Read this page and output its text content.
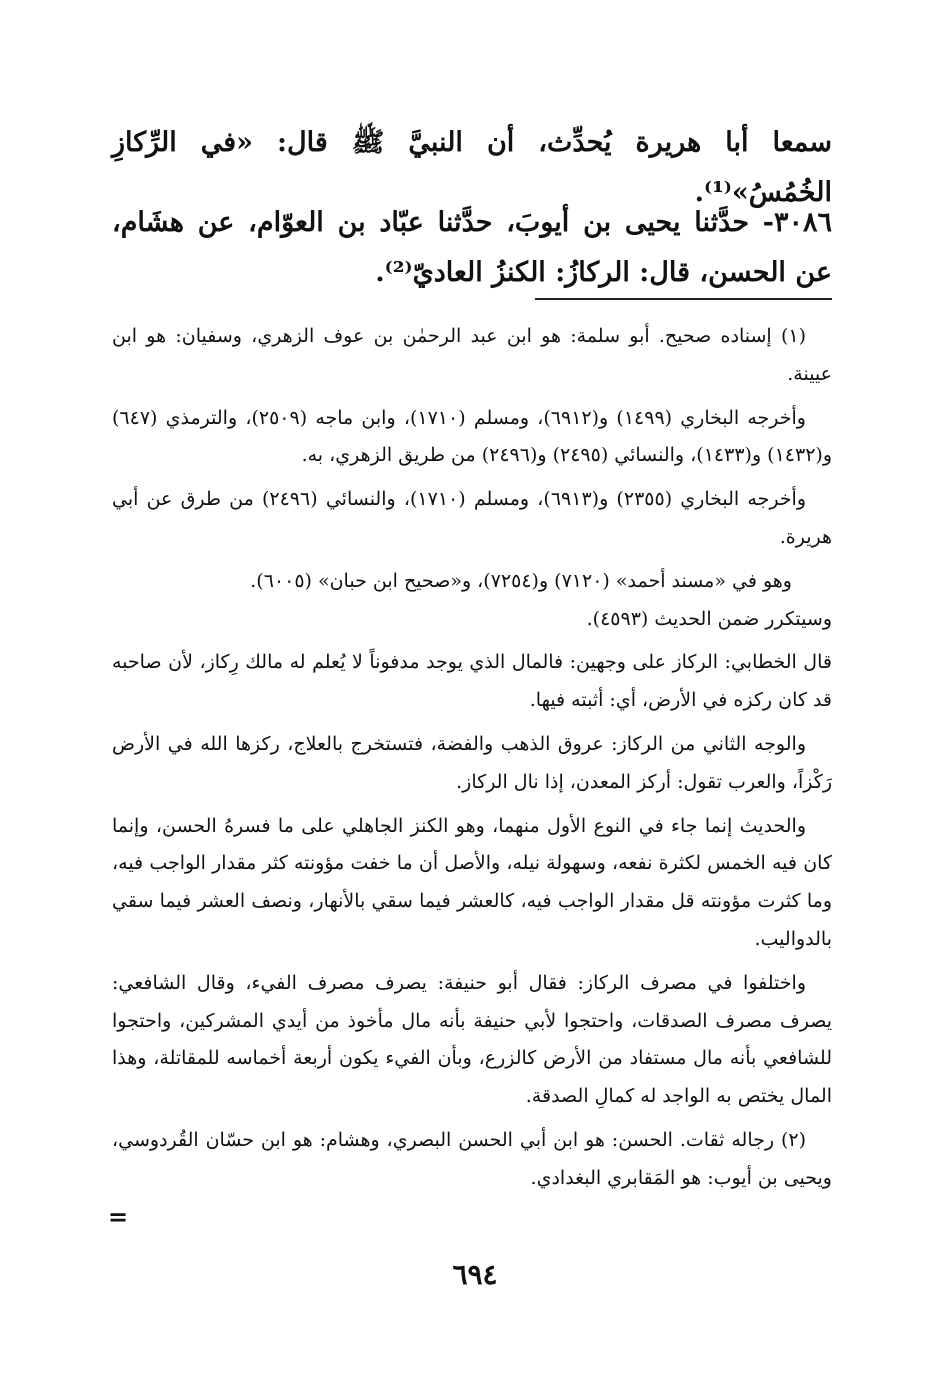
سمعا أبا هريرة يُحدِّث، أن النبيَّ ﷺ قال: «في الرِّكازِ الخُمُسُ»⁽¹⁾.

٣٠٨٦- حدَّثنا يحيى بن أيوبَ، حدَّثنا عبّاد بن العوّام، عن هشَام، عن الحسن، قال: الركازُ: الكنزُ العاديّ⁽²⁾.

(١) إسناده صحيح. أبو سلمة: هو ابن عبد الرحمٰن بن عوف الزهري، وسفيان: هو ابن عيينة.

وأخرجه البخاري (١٤٩٩) و(٦٩١٢)، ومسلم (١٧١٠)، وابن ماجه (٢٥٠٩)، والترمذي (٦٤٧) و(١٤٣٢) و(١٤٣٣)، والنسائي (٢٤٩٥) و(٢٤٩٦) من طريق الزهري، به.

وأخرجه البخاري (٢٣٥٥) و(٦٩١٣)، ومسلم (١٧١٠)، والنسائي (٢٤٩٦) من طرق عن أبي هريرة.

وهو في «مسند أحمد» (٧١٢٠) و(٧٢٥٤)، و«صحيح ابن حبان» (٦٠٠٥).

وسيتكرر ضمن الحديث (٤٥٩٣).

قال الخطابي: الركاز على وجهين: فالمال الذي يوجد مدفوناً لا يُعلم له مالك رِكاز، لأن صاحبه قد كان ركزه في الأرض، أي: أثبته فيها.

والوجه الثاني من الركاز: عروق الذهب والفضة، فتستخرج بالعلاج، ركزها الله في الأرض رَكْزاً، والعرب تقول: أركز المعدن، إذا نال الركاز.

والحديث إنما جاء في النوع الأول منهما، وهو الكنز الجاهلي على ما فسرهُ الحسن، وإنما كان فيه الخمس لكثرة نفعه، وسهولة نيله، والأصل أن ما خفت مؤونته كثر مقدار الواجب فيه، وما كثرت مؤونته قل مقدار الواجب فيه، كالعشر فيما سقي بالأنهار، ونصف العشر فيما سقي بالدواليب.

واختلفوا في مصرف الركاز: فقال أبو حنيفة: يصرف مصرف الفيء، وقال الشافعي: يصرف مصرف الصدقات، واحتجوا لأبي حنيفة بأنه مال مأخوذ من أيدي المشركين، واحتجوا للشافعي بأنه مال مستفاد من الأرض كالزرع، وبأن الفيء يكون أربعة أخماسه للمقاتلة، وهذا المال يختص به الواجد له كمالِ الصدقة.

(٢) رجاله ثقات. الحسن: هو ابن أبي الحسن البصري، وهشام: هو ابن حسّان القُردوسي، ويحيى بن أيوب: هو المَقابري البغدادي.

=
٦٩٤
